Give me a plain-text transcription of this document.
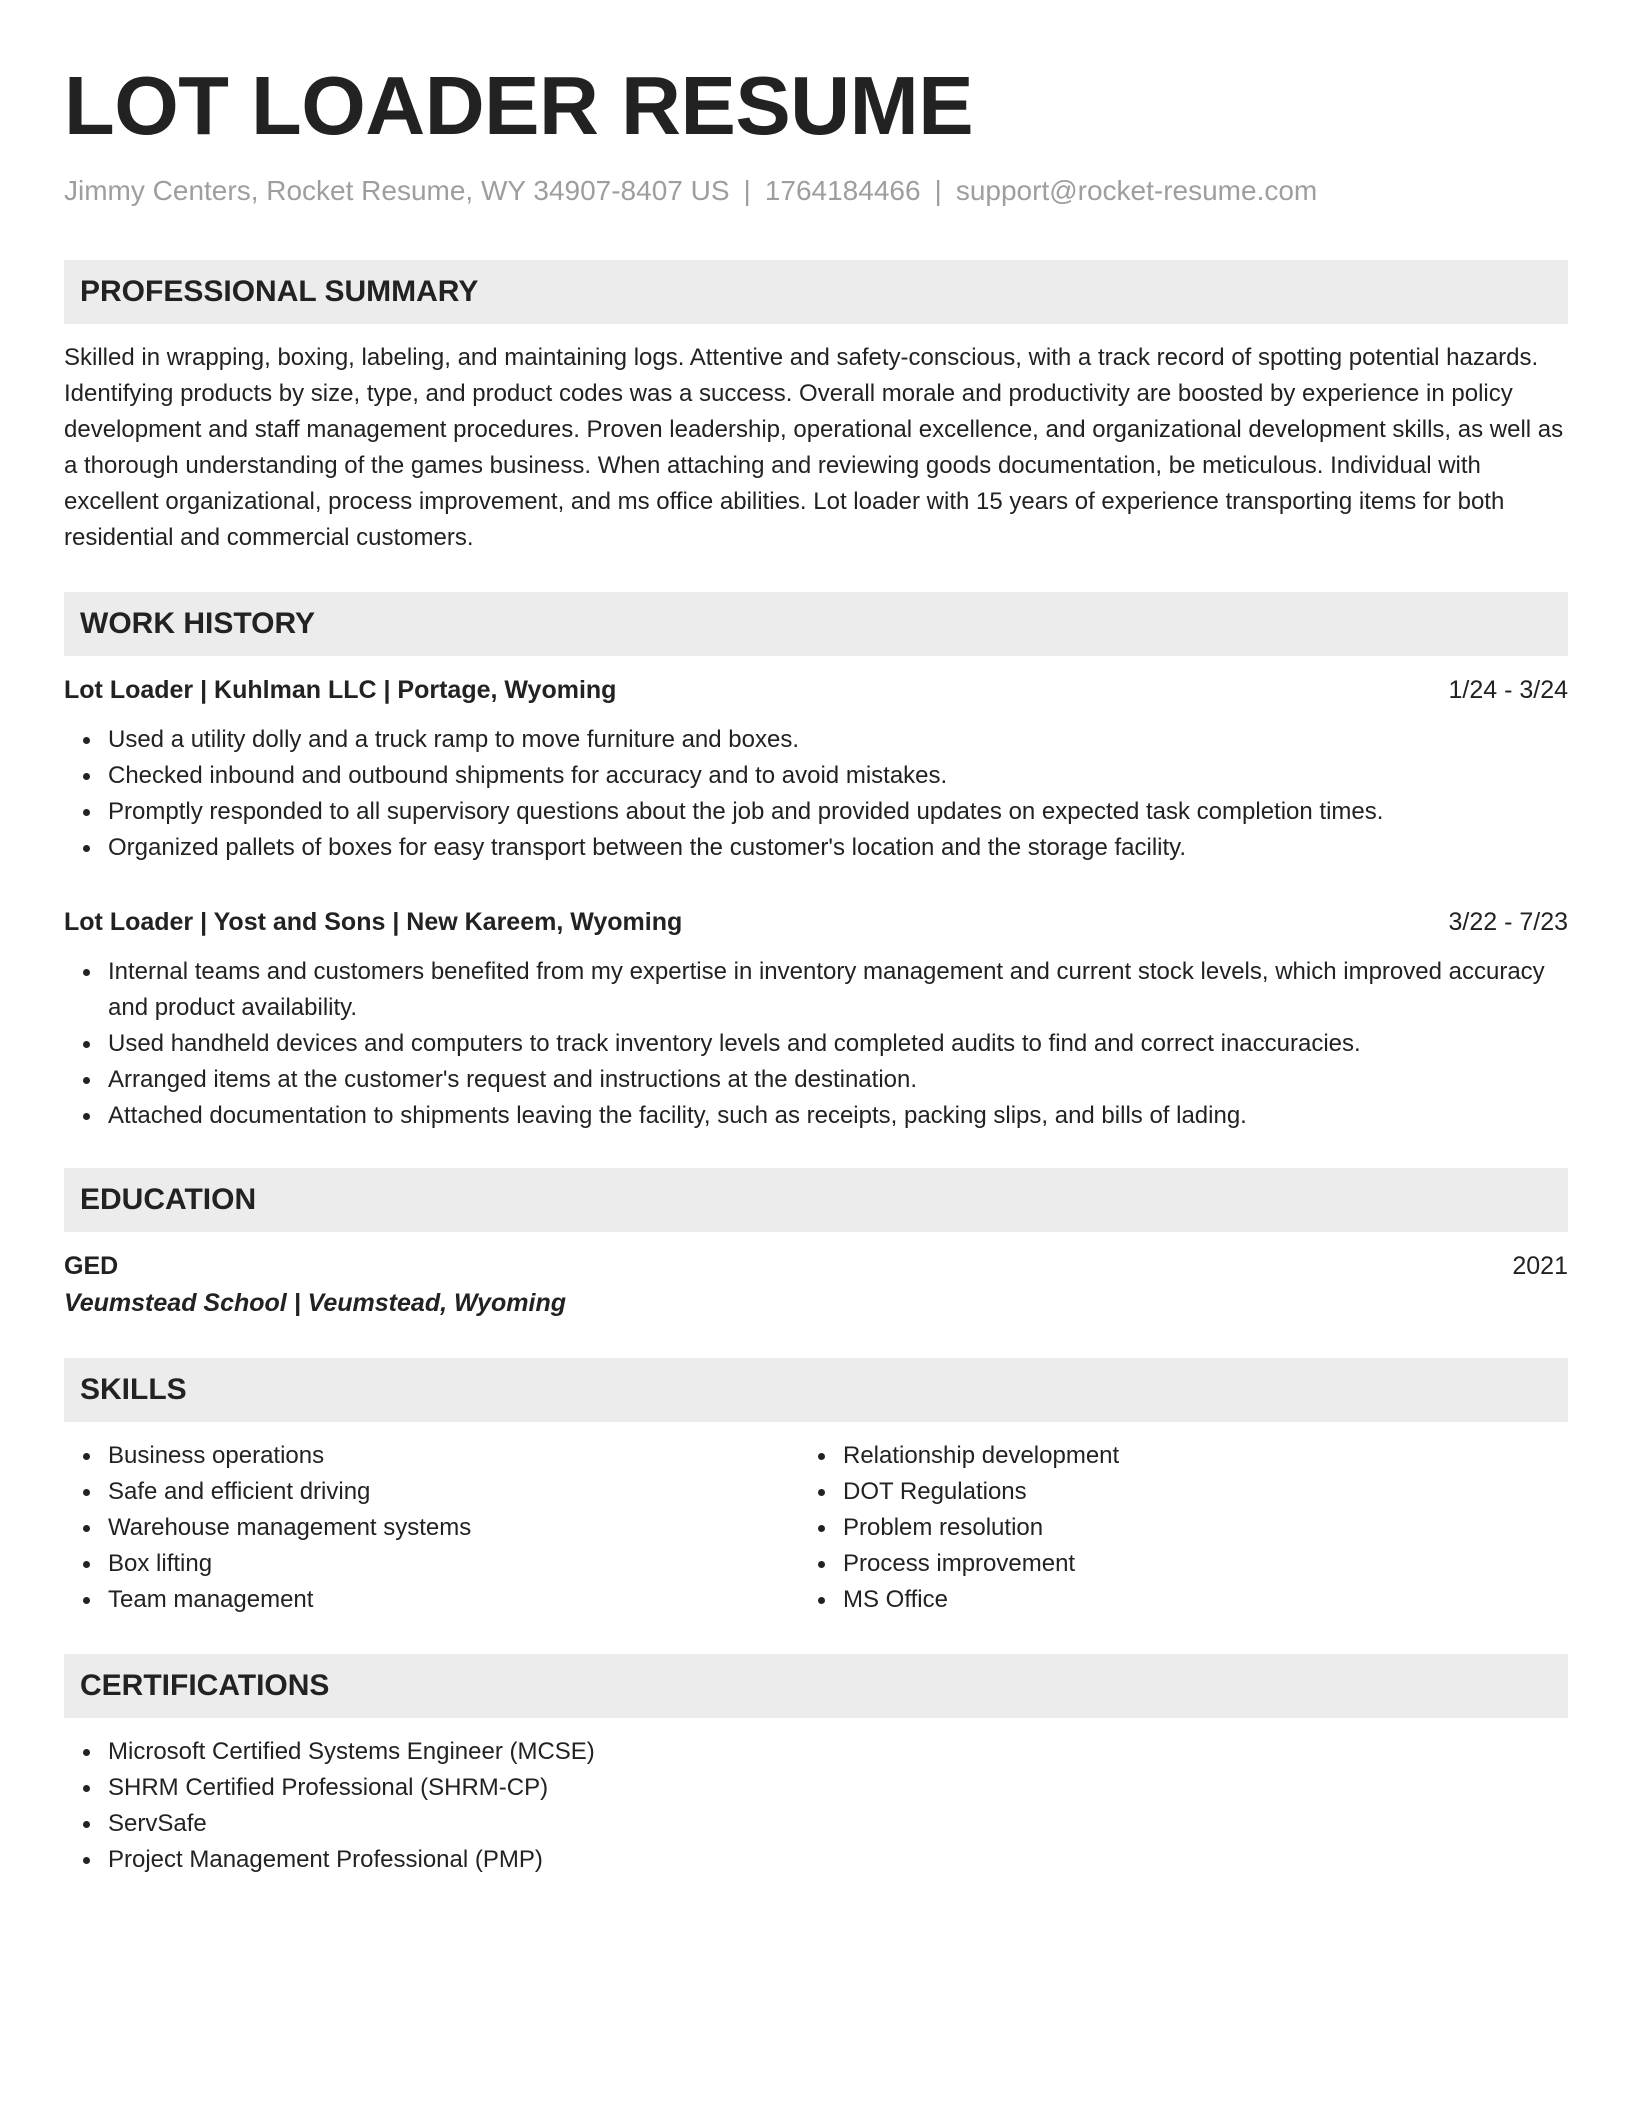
LOT LOADER RESUME
Jimmy Centers, Rocket Resume, WY 34907-8407 US | 1764184466 | support@rocket-resume.com
PROFESSIONAL SUMMARY
Skilled in wrapping, boxing, labeling, and maintaining logs. Attentive and safety-conscious, with a track record of spotting potential hazards. Identifying products by size, type, and product codes was a success. Overall morale and productivity are boosted by experience in policy development and staff management procedures. Proven leadership, operational excellence, and organizational development skills, as well as a thorough understanding of the games business. When attaching and reviewing goods documentation, be meticulous. Individual with excellent organizational, process improvement, and ms office abilities. Lot loader with 15 years of experience transporting items for both residential and commercial customers.
WORK HISTORY
Lot Loader | Kuhlman LLC | Portage, Wyoming	1/24 - 3/24
Used a utility dolly and a truck ramp to move furniture and boxes.
Checked inbound and outbound shipments for accuracy and to avoid mistakes.
Promptly responded to all supervisory questions about the job and provided updates on expected task completion times.
Organized pallets of boxes for easy transport between the customer's location and the storage facility.
Lot Loader | Yost and Sons | New Kareem, Wyoming	3/22 - 7/23
Internal teams and customers benefited from my expertise in inventory management and current stock levels, which improved accuracy and product availability.
Used handheld devices and computers to track inventory levels and completed audits to find and correct inaccuracies.
Arranged items at the customer's request and instructions at the destination.
Attached documentation to shipments leaving the facility, such as receipts, packing slips, and bills of lading.
EDUCATION
GED	2021
Veumstead School | Veumstead, Wyoming
SKILLS
Business operations
Safe and efficient driving
Warehouse management systems
Box lifting
Team management
Relationship development
DOT Regulations
Problem resolution
Process improvement
MS Office
CERTIFICATIONS
Microsoft Certified Systems Engineer (MCSE)
SHRM Certified Professional (SHRM-CP)
ServSafe
Project Management Professional (PMP)
